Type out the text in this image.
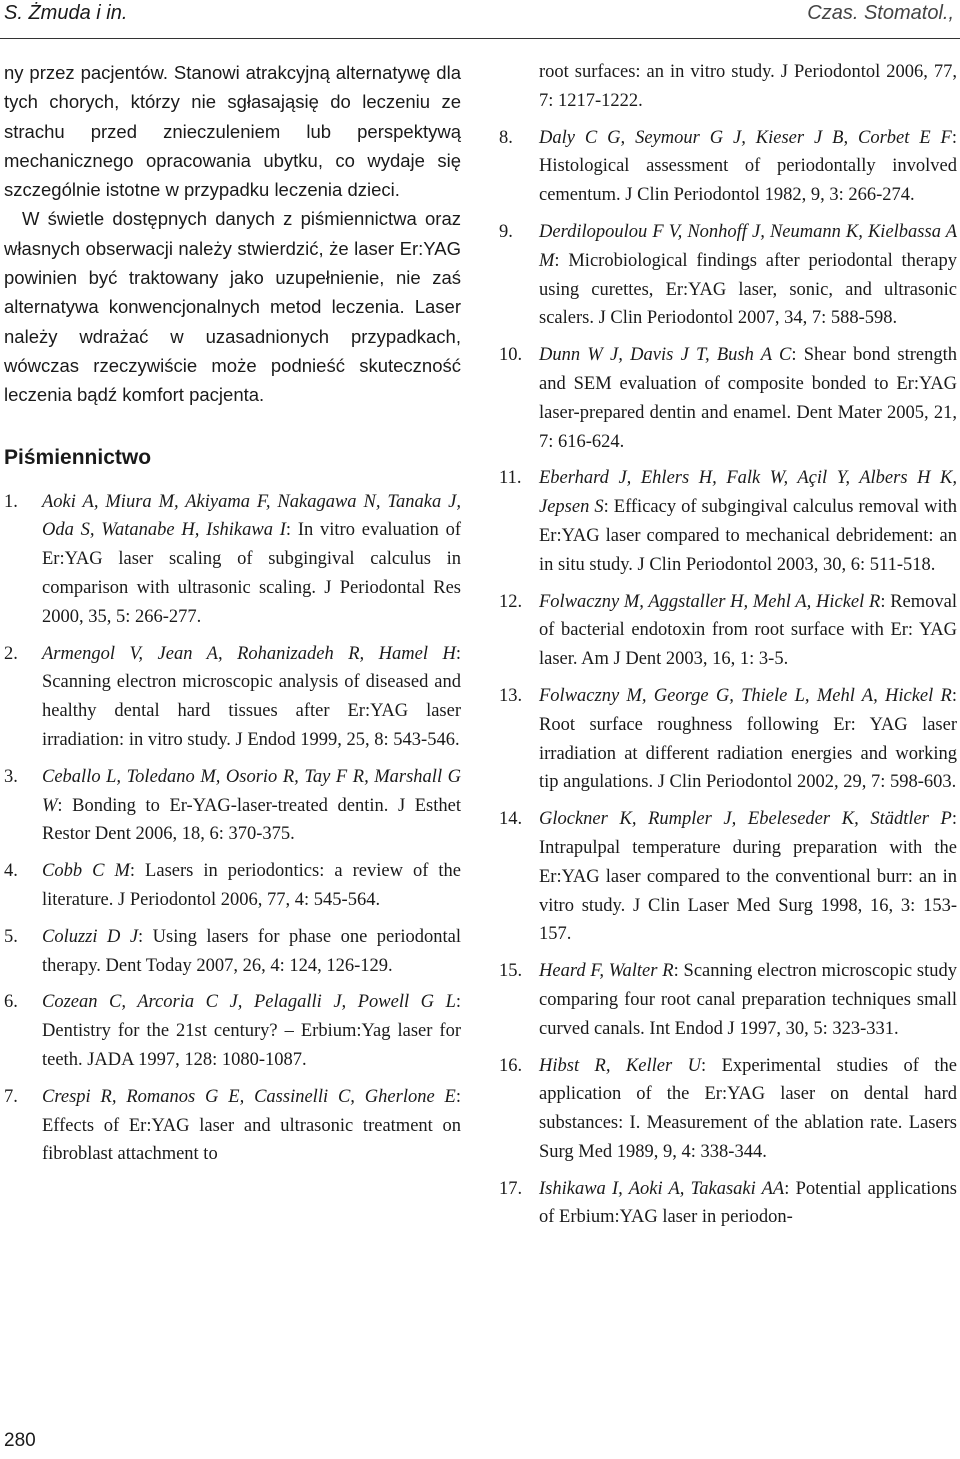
S. Żmuda i in.	Czas. Stomatol.,

ny przez pacjentów. Stanowi atrakcyjną alternatywę dla tych chorych, którzy nie sgłasająsię do leczeniu ze strachu przed znieczuleniem lub perspektywą mechanicznego opracowania ubytku, co wydaje się szczególnie istotne w przypadku leczenia dzieci.

W świetle dostępnych danych z piśmiennictwa oraz własnych obserwacji należy stwierdzić, że laser Er:YAG powinien być traktowany jako uzupełnienie, nie zaś alternatywa konwencjonalnych metod leczenia. Laser należy wdrażać w uzasadnionych przypadkach, wówczas rzeczywiście może podnieść skuteczność leczenia bądź komfort pacjenta.

Piśmiennictwo
1. Aoki A, Miura M, Akiyama F, Nakagawa N, Tanaka J, Oda S, Watanabe H, Ishikawa I: In vitro evaluation of Er:YAG laser scaling of subgingival calculus in comparison with ultrasonic scaling. J Periodontal Res 2000, 35, 5: 266-277.
2. Armengol V, Jean A, Rohanizadeh R, Hamel H: Scanning electron microscopic analysis of diseased and healthy dental hard tissues after Er:YAG laser irradiation: in vitro study. J Endod 1999, 25, 8: 543-546.
3. Ceballo L, Toledano M, Osorio R, Tay F R, Marshall G W: Bonding to Er-YAG-laser-treated dentin. J Esthet Restor Dent 2006, 18, 6: 370-375.
4. Cobb C M: Lasers in periodontics: a review of the literature. J Periodontol 2006, 77, 4: 545-564.
5. Coluzzi D J: Using lasers for phase one periodontal therapy. Dent Today 2007, 26, 4: 124, 126-129.
6. Cozean C, Arcoria C J, Pelagalli J, Powell G L: Dentistry for the 21st century? – Erbium:Yag laser for teeth. JADA 1997, 128: 1080-1087.
7. Crespi R, Romanos G E, Cassinelli C, Gherlone E: Effects of Er:YAG laser and ultrasonic treatment on fibroblast attachment to
root surfaces: an in vitro study. J Periodontol 2006, 77, 7: 1217-1222.
8. Daly C G, Seymour G J, Kieser J B, Corbet E F: Histological assessment of periodontally involved cementum. J Clin Periodontol 1982, 9, 3: 266-274.
9. Derdilopoulou F V, Nonhoff J, Neumann K, Kielbassa A M: Microbiological findings after periodontal therapy using curettes, Er:YAG laser, sonic, and ultrasonic scalers. J Clin Periodontol 2007, 34, 7: 588-598.
10. Dunn W J, Davis J T, Bush A C: Shear bond strength and SEM evaluation of composite bonded to Er:YAG laser-prepared dentin and enamel. Dent Mater 2005, 21, 7: 616-624.
11. Eberhard J, Ehlers H, Falk W, Açil Y, Albers H K, Jepsen S: Efficacy of subgingival calculus removal with Er:YAG laser compared to mechanical debridement: an in situ study. J Clin Periodontol 2003, 30, 6: 511-518.
12. Folwaczny M, Aggstaller H, Mehl A, Hickel R: Removal of bacterial endotoxin from root surface with Er: YAG laser. Am J Dent 2003, 16, 1: 3-5.
13. Folwaczny M, George G, Thiele L, Mehl A, Hickel R: Root surface roughness following Er: YAG laser irradiation at different radiation energies and working tip angulations. J Clin Periodontol 2002, 29, 7: 598-603.
14. Glockner K, Rumpler J, Ebeleseder K, Städtler P: Intrapulpal temperature during preparation with the Er:YAG laser compared to the conventional burr: an in vitro study. J Clin Laser Med Surg 1998, 16, 3: 153-157.
15. Heard F, Walter R: Scanning electron microscopic study comparing four root canal preparation techniques small curved canals. Int Endod J 1997, 30, 5: 323-331.
16. Hibst R, Keller U: Experimental studies of the application of the Er:YAG laser on dental hard substances: I. Measurement of the ablation rate. Lasers Surg Med 1989, 9, 4: 338-344.
17. Ishikawa I, Aoki A, Takasaki AA: Potential applications of Erbium:YAG laser in periodon-
280
